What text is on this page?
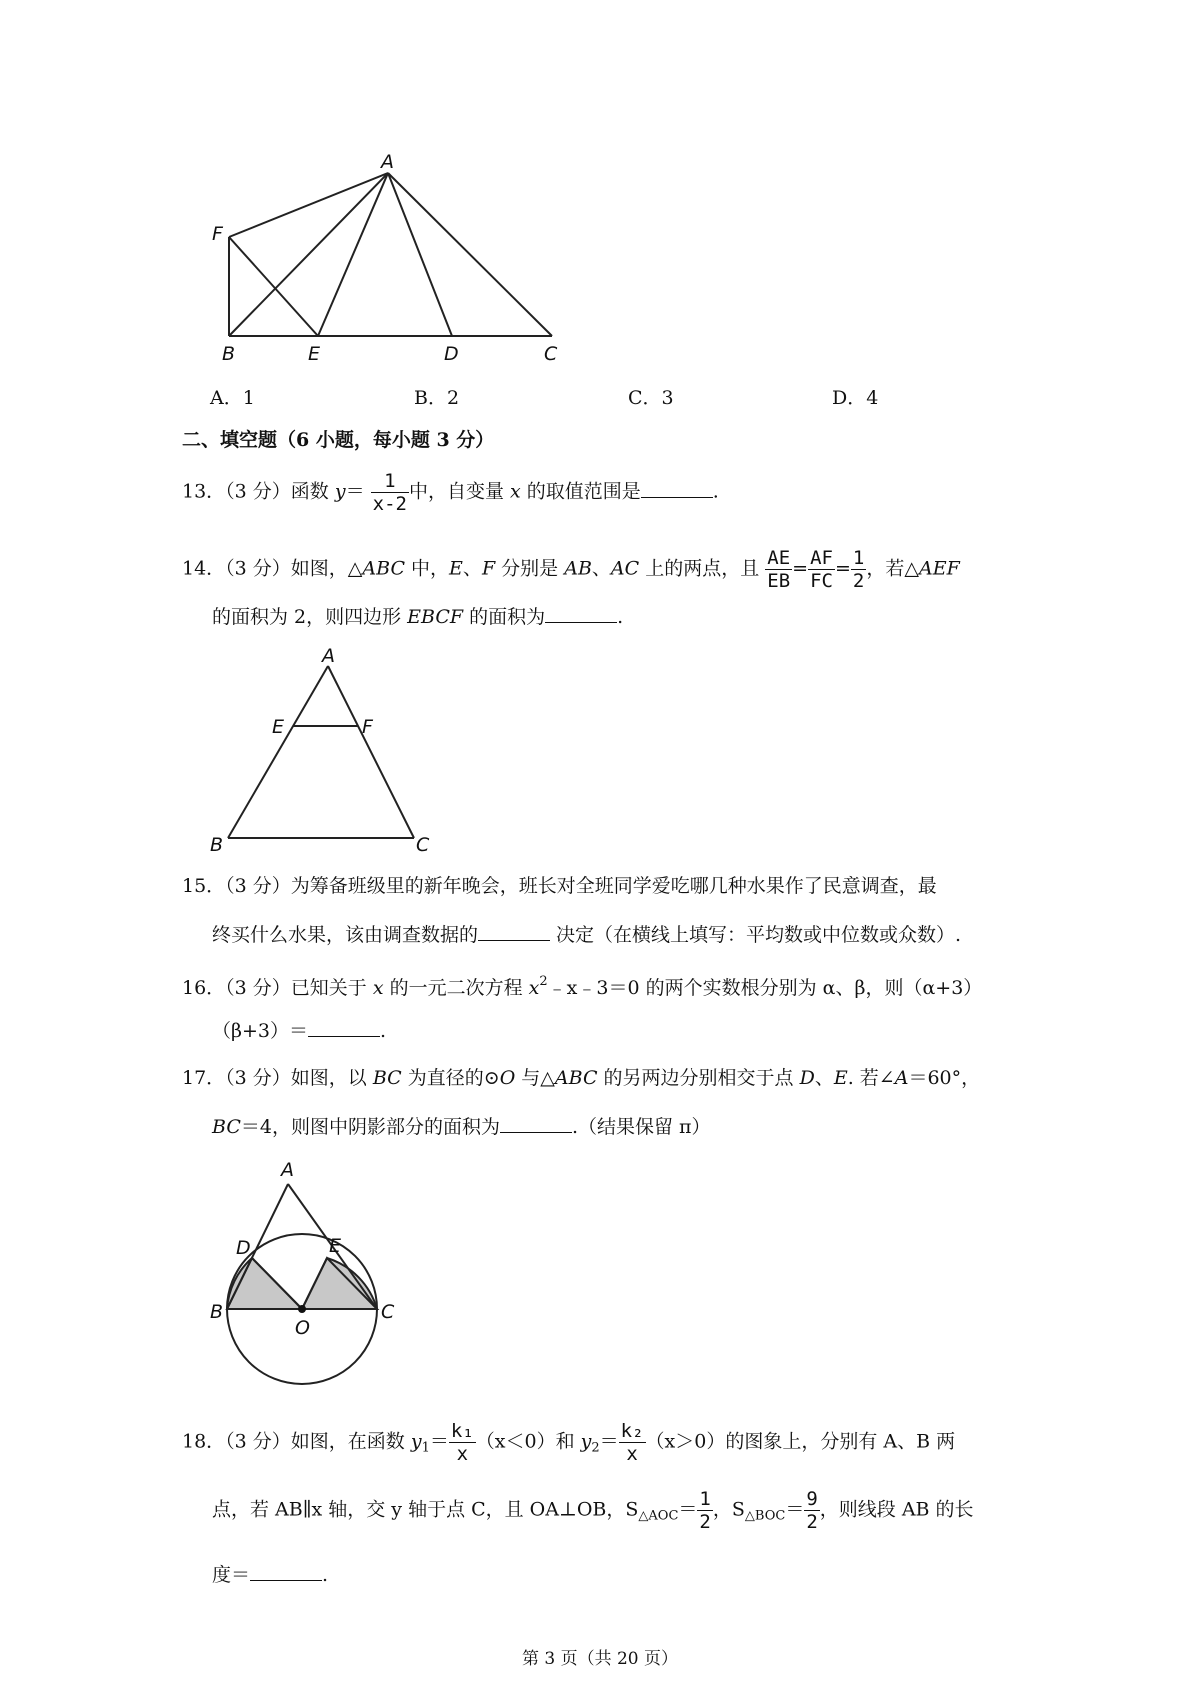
A
F
B	E	D	C
A．1	B．2	C．3	D．4
二、填空题（6 小题，每小题 3 分）
13．（3 分）函数 $y= \frac{1}{x-2}$ 中，自变量 x 的取值范围是	.
14．（3 分）如图，△ABC 中，E、F 分别是 AB、AC 上的两点，且 $\frac{AE}{EB} = \frac{AF}{FC} = \frac{1}{2}$ ，若△AEF
的面积为 2，则四边形 EBCF 的面积为	.
A
E	F
B	C
15．（3 分）为筹备班级里的新年晚会，班长对全班同学爱吃哪几种水果作了民意调查，最
终买什么水果，该由调查数据的	决定（在横线上填写：平均数或中位数或众数）.
16．（3 分）已知关于 x 的一元二次方程 $x^2﹣x﹣3=0$ 的两个实数根分别为 α、β，则（α+3）
（β+3）＝	.
17．（3 分）如图，以 BC 为直径的⊙O 与△ABC 的另两边分别相交于点 D、E. 若∠A＝60°，
BC＝4，则图中阴影部分的面积为	.（结果保留 π）
A
D	E
B
O
C
18．（3 分）如图，在函数 $y_1= \frac{\text{k₁}}{x} (x<0)$和 $y_2= \frac{\text{k₂}}{x} (x>0)$的图象上，分别有 A、B 两
点，若 AB∥x 轴，交 y 轴于点 C，且 OA⊥OB，$S_{\triangle AOC}= \frac{1}{2}$ ，$S_{\triangle BOC}= \frac{9}{2}$ ，则线段 AB 的长
度＝	.
第 3 页（共 20 页）
